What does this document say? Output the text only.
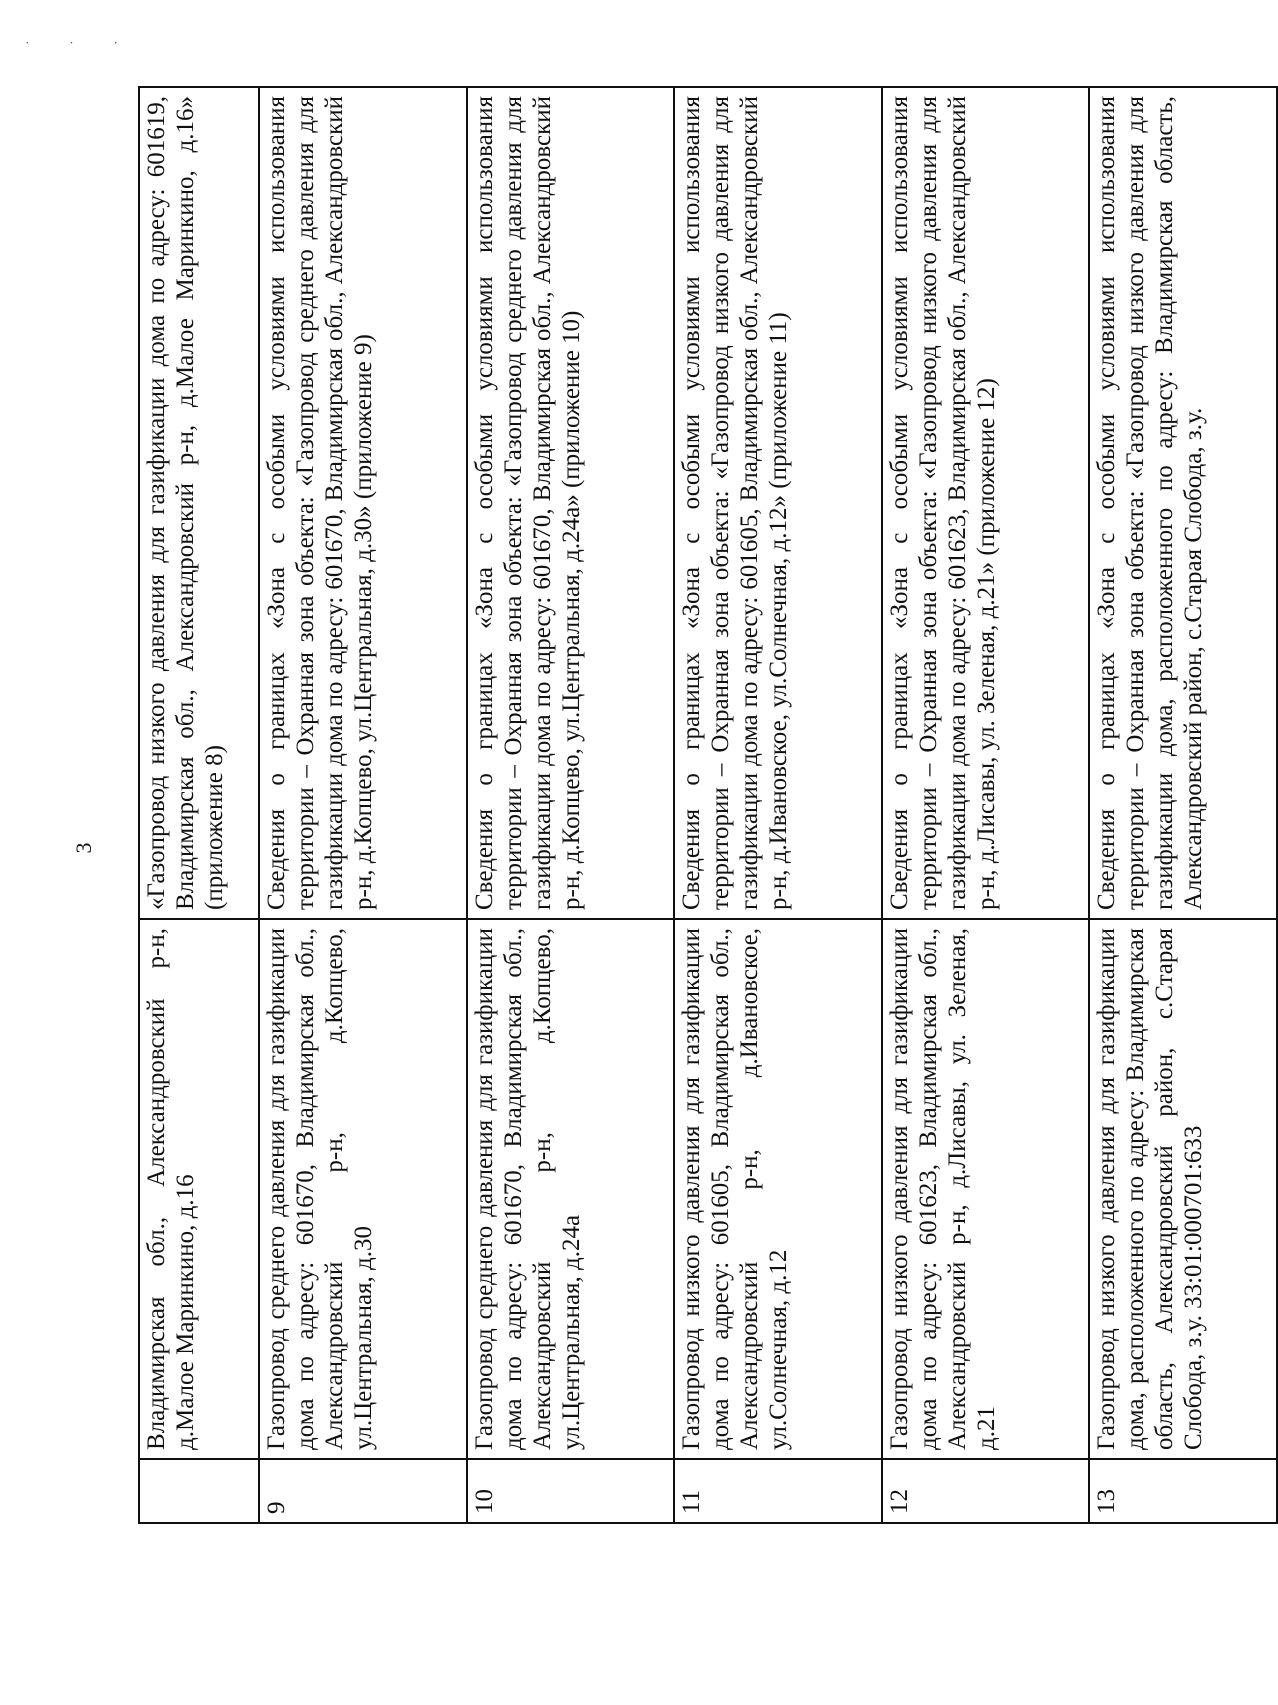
˙ ˙ ˙
3
	Владимирская обл., Александровский р-н, д.Малое Маринкино, д.16	«Газопровод низкого давления для газификации дома по адресу: 601619, Владимирская обл., Александровский р-н, д.Малое Маринкино, д.16» (приложение 8)
9	Газопровод среднего давления для газификации дома по адресу: 601670, Владимирская обл., Александровский р-н, д.Копцево, ул.Центральная, д.30	Сведения о границах «Зона с особыми условиями использования территории – Охранная зона объекта: «Газопровод среднего давления для газификации дома по адресу: 601670, Владимирская обл., Александровский р-н, д.Копцево, ул.Центральная, д.30» (приложение 9)
10	Газопровод среднего давления для газификации дома по адресу: 601670, Владимирская обл., Александровский р-н, д.Копцево, ул.Центральная, д.24а	Сведения о границах «Зона с особыми условиями использования территории – Охранная зона объекта: «Газопровод среднего давления для газификации дома по адресу: 601670, Владимирская обл., Александровский р-н, д.Копцево, ул.Центральная, д.24а» (приложение 10)
11	Газопровод низкого давления для газификации дома по адресу: 601605, Владимирская обл., Александровский р-н, д.Ивановское, ул.Солнечная, д.12	Сведения о границах «Зона с особыми условиями использования территории – Охранная зона объекта: «Газопровод низкого давления для газификации дома по адресу: 601605, Владимирская обл., Александровский р-н, д.Ивановское, ул.Солнечная, д.12» (приложение 11)
12	Газопровод низкого давления для газификации дома по адресу: 601623, Владимирская обл., Александровский р-н, д.Лисавы, ул. Зеленая, д.21	Сведения о границах «Зона с особыми условиями использования территории – Охранная зона объекта: «Газопровод низкого давления для газификации дома по адресу: 601623, Владимирская обл., Александровский р-н, д.Лисавы, ул. Зеленая, д.21» (приложение 12)
13	Газопровод низкого давления для газификации дома, расположенного по адресу: Владимирская область, Александровский район, с.Старая Слобода, з.у. 33:01:000701:633	Сведения о границах «Зона с особыми условиями использования территории – Охранная зона объекта: «Газопровод низкого давления для газификации дома, расположенного по адресу: Владимирская область, Александровский район, с.Старая Слобода, з.у.
